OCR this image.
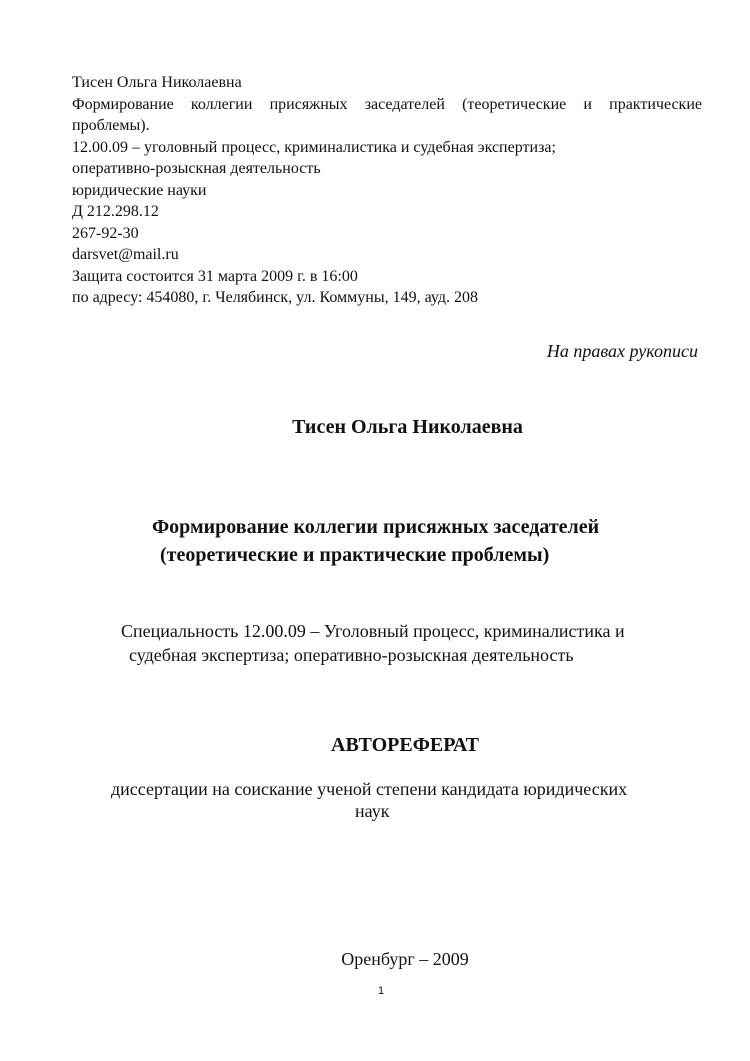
Тисен Ольга Николаевна
Формирование коллегии присяжных заседателей (теоретические и практические
проблемы).
12.00.09 – уголовный процесс, криминалистика и судебная экспертиза;
оперативно-розыскная деятельность
юридические науки
Д 212.298.12
267-92-30
darsvet@mail.ru
Защита состоится 31 марта 2009 г. в 16:00
по адресу: 454080, г. Челябинск, ул. Коммуны, 149, ауд. 208
На правах рукописи
Тисен Ольга Николаевна
Формирование коллегии присяжных заседателей
(теоретические и практические проблемы)
Специальность 12.00.09 – Уголовный процесс, криминалистика и
судебная экспертиза; оперативно-розыскная деятельность
АВТОРЕФЕРАТ
диссертации на соискание ученой степени кандидата юридических
наук
Оренбург – 2009
1
